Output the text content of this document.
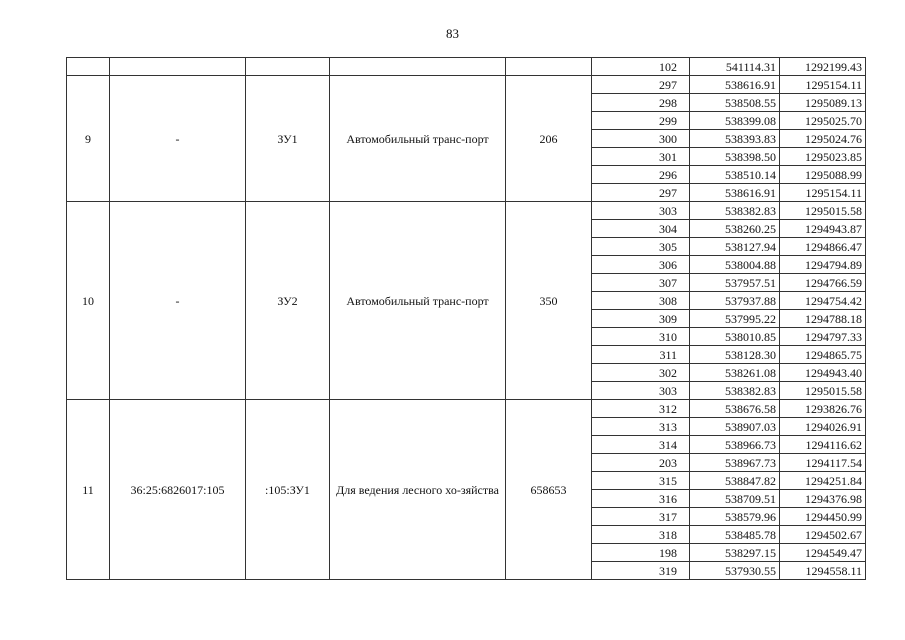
83
					102	541114.31	1292199.43
9	-	ЗУ1	Автомобильный транс-порт	206	297	538616.91	1295154.11
					298	538508.55	1295089.13
					299	538399.08	1295025.70
					300	538393.83	1295024.76
					301	538398.50	1295023.85
					296	538510.14	1295088.99
					297	538616.91	1295154.11
10	-	ЗУ2	Автомобильный транс-порт	350	303	538382.83	1295015.58
					304	538260.25	1294943.87
					305	538127.94	1294866.47
					306	538004.88	1294794.89
					307	537957.51	1294766.59
					308	537937.88	1294754.42
					309	537995.22	1294788.18
					310	538010.85	1294797.33
					311	538128.30	1294865.75
					302	538261.08	1294943.40
					303	538382.83	1295015.58
11	36:25:6826017:105	:105:ЗУ1	Для ведения лесного хо-зяйства	658653	312	538676.58	1293826.76
					313	538907.03	1294026.91
					314	538966.73	1294116.62
					203	538967.73	1294117.54
					315	538847.82	1294251.84
					316	538709.51	1294376.98
					317	538579.96	1294450.99
					318	538485.78	1294502.67
					198	538297.15	1294549.47
					319	537930.55	1294558.11
